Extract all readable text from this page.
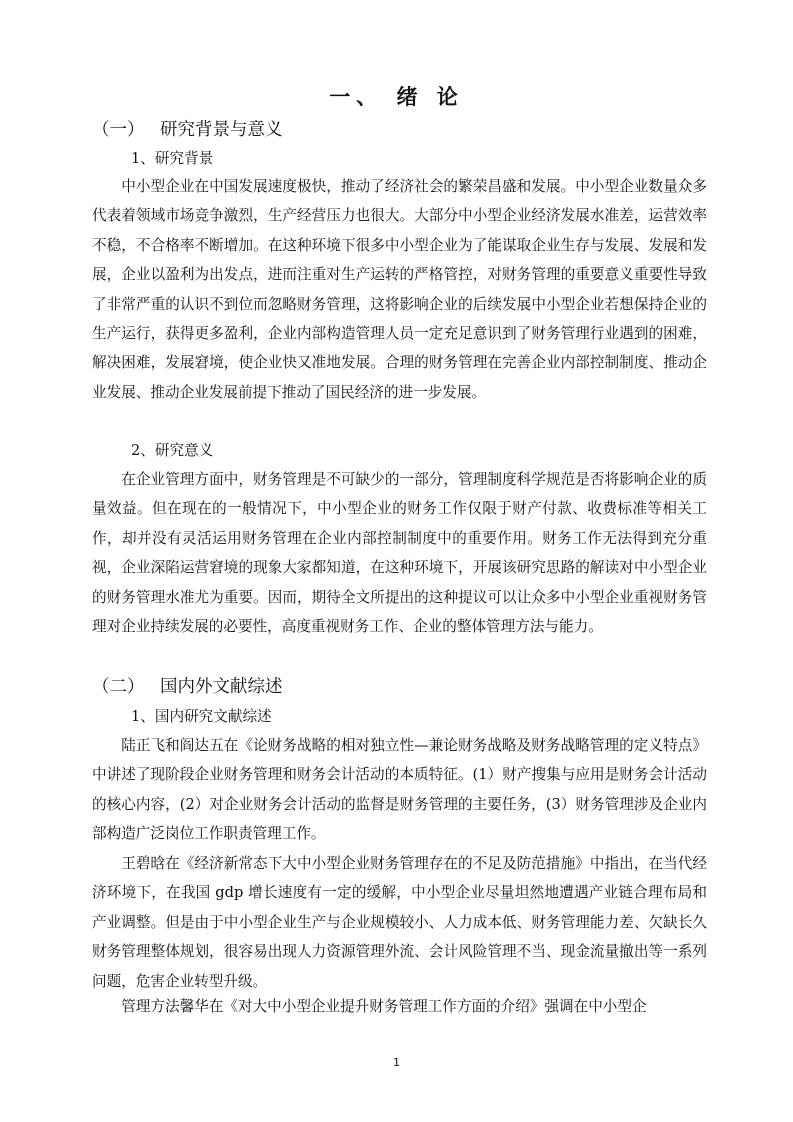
一、 绪 论
（一） 研究背景与意义
1、研究背景

中小型企业在中国发展速度极快，推动了经济社会的繁荣昌盛和发展。中小型企业数量众多代表着领域市场竞争激烈，生产经营压力也很大。大部分中小型企业经济发展水准差，运营效率不稳，不合格率不断增加。在这种环境下很多中小型企业为了能谋取企业生存与发展、发展和发展，企业以盈利为出发点，进而注重对生产运转的严格管控，对财务管理的重要意义重要性导致了非常严重的认识不到位而忽略财务管理，这将影响企业的后续发展中小型企业若想保持企业的生产运行，获得更多盈利，企业内部构造管理人员一定充足意识到了财务管理行业遇到的困难，解决困难，发展窘境，使企业快又准地发展。合理的财务管理在完善企业内部控制制度、推动企业发展、推动企业发展前提下推动了国民经济的进一步发展。

2、研究意义

在企业管理方面中，财务管理是不可缺少的一部分，管理制度科学规范是否将影响企业的质量效益。但在现在的一般情况下，中小型企业的财务工作仅限于财产付款、收费标准等相关工作，却并没有灵活运用财务管理在企业内部控制制度中的重要作用。财务工作无法得到充分重视，企业深陷运营窘境的现象大家都知道，在这种环境下，开展该研究思路的解读对中小型企业的财务管理水准尤为重要。因而，期待全文所提出的这种提议可以让众多中小型企业重视财务管理对企业持续发展的必要性，高度重视财务工作、企业的整体管理方法与能力。

（二） 国内外文献综述
1、国内研究文献综述

陆正飞和阎达五在《论财务战略的相对独立性—兼论财务战略及财务战略管理的定义特点》中讲述了现阶段企业财务管理和财务会计活动的本质特征。(1）财产搜集与应用是财务会计活动的核心内容，(2）对企业财务会计活动的监督是财务管理的主要任务，(3）财务管理涉及企业内部构造广泛岗位工作职责管理工作。

王碧晗在《经济新常态下大中小型企业财务管理存在的不足及防范措施》中指出，在当代经济环境下，在我国 gdp 增长速度有一定的缓解，中小型企业尽量坦然地遭遇产业链合理布局和产业调整。但是由于中小型企业生产与企业规模较小、人力成本低、财务管理能力差、欠缺长久财务管理整体规划，很容易出现人力资源管理外流、会计风险管理不当、现金流量撤出等一系列问题，危害企业转型升级。

管理方法馨华在《对大中小型企业提升财务管理工作方面的介绍》强调在中小型企

1
